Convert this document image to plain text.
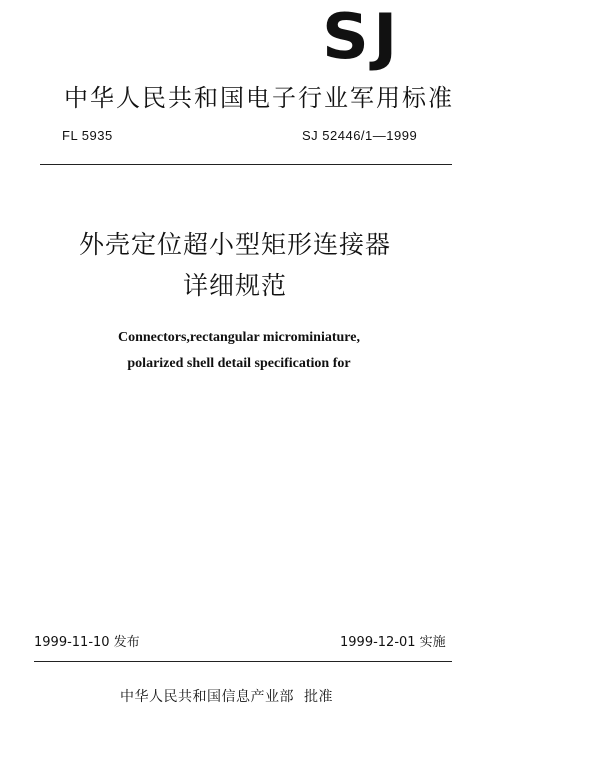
SJ
中华人民共和国电子行业军用标准
FL 5935	SJ 52446/1—1999
外壳定位超小型矩形连接器
详细规范
Connectors,rectangular microminiature,
polarized shell detail specification for
1999-11-10 发布	1999-12-01 实施
中华人民共和国信息产业部 批准
